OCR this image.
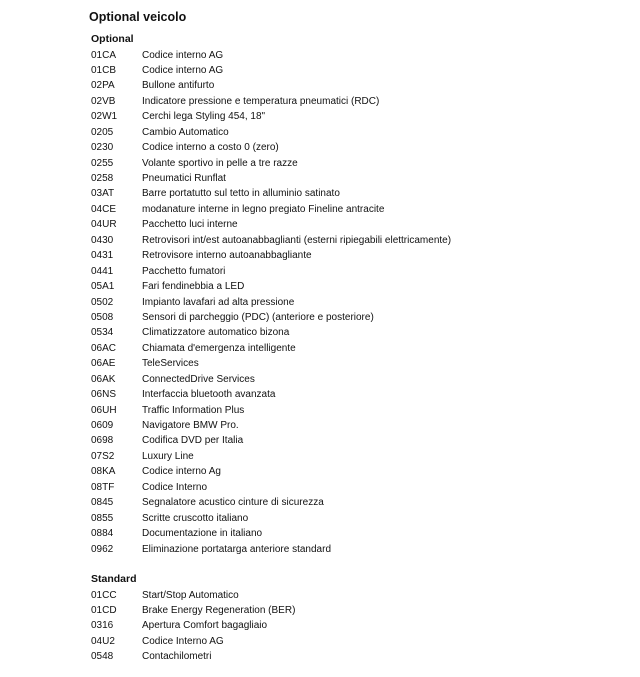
Optional veicolo
Optional
01CA	Codice interno AG
01CB	Codice interno AG
02PA	Bullone antifurto
02VB	Indicatore pressione e temperatura pneumatici (RDC)
02W1	Cerchi lega Styling 454, 18"
0205	Cambio Automatico
0230	Codice interno a costo 0 (zero)
0255	Volante sportivo in pelle a tre razze
0258	Pneumatici Runflat
03AT	Barre portatutto sul tetto in alluminio satinato
04CE	modanature interne in legno pregiato Fineline antracite
04UR	Pacchetto luci interne
0430	Retrovisori int/est autoanabbaglianti (esterni ripiegabili elettricamente)
0431	Retrovisore interno autoanabbagliante
0441	Pacchetto fumatori
05A1	Fari fendinebbia a LED
0502	Impianto lavafari ad alta pressione
0508	Sensori di parcheggio (PDC) (anteriore e posteriore)
0534	Climatizzatore automatico bizona
06AC	Chiamata d'emergenza intelligente
06AE	TeleServices
06AK	ConnectedDrive Services
06NS	Interfaccia bluetooth avanzata
06UH	Traffic Information Plus
0609	Navigatore BMW Pro.
0698	Codifica DVD per Italia
07S2	Luxury Line
08KA	Codice interno Ag
08TF	Codice Interno
0845	Segnalatore acustico cinture di sicurezza
0855	Scritte cruscotto italiano
0884	Documentazione in italiano
0962	Eliminazione portatarga anteriore standard
Standard
01CC	Start/Stop Automatico
01CD	Brake Energy Regeneration (BER)
0316	Apertura Comfort bagagliaio
04U2	Codice Interno AG
0548	Contachilometri
